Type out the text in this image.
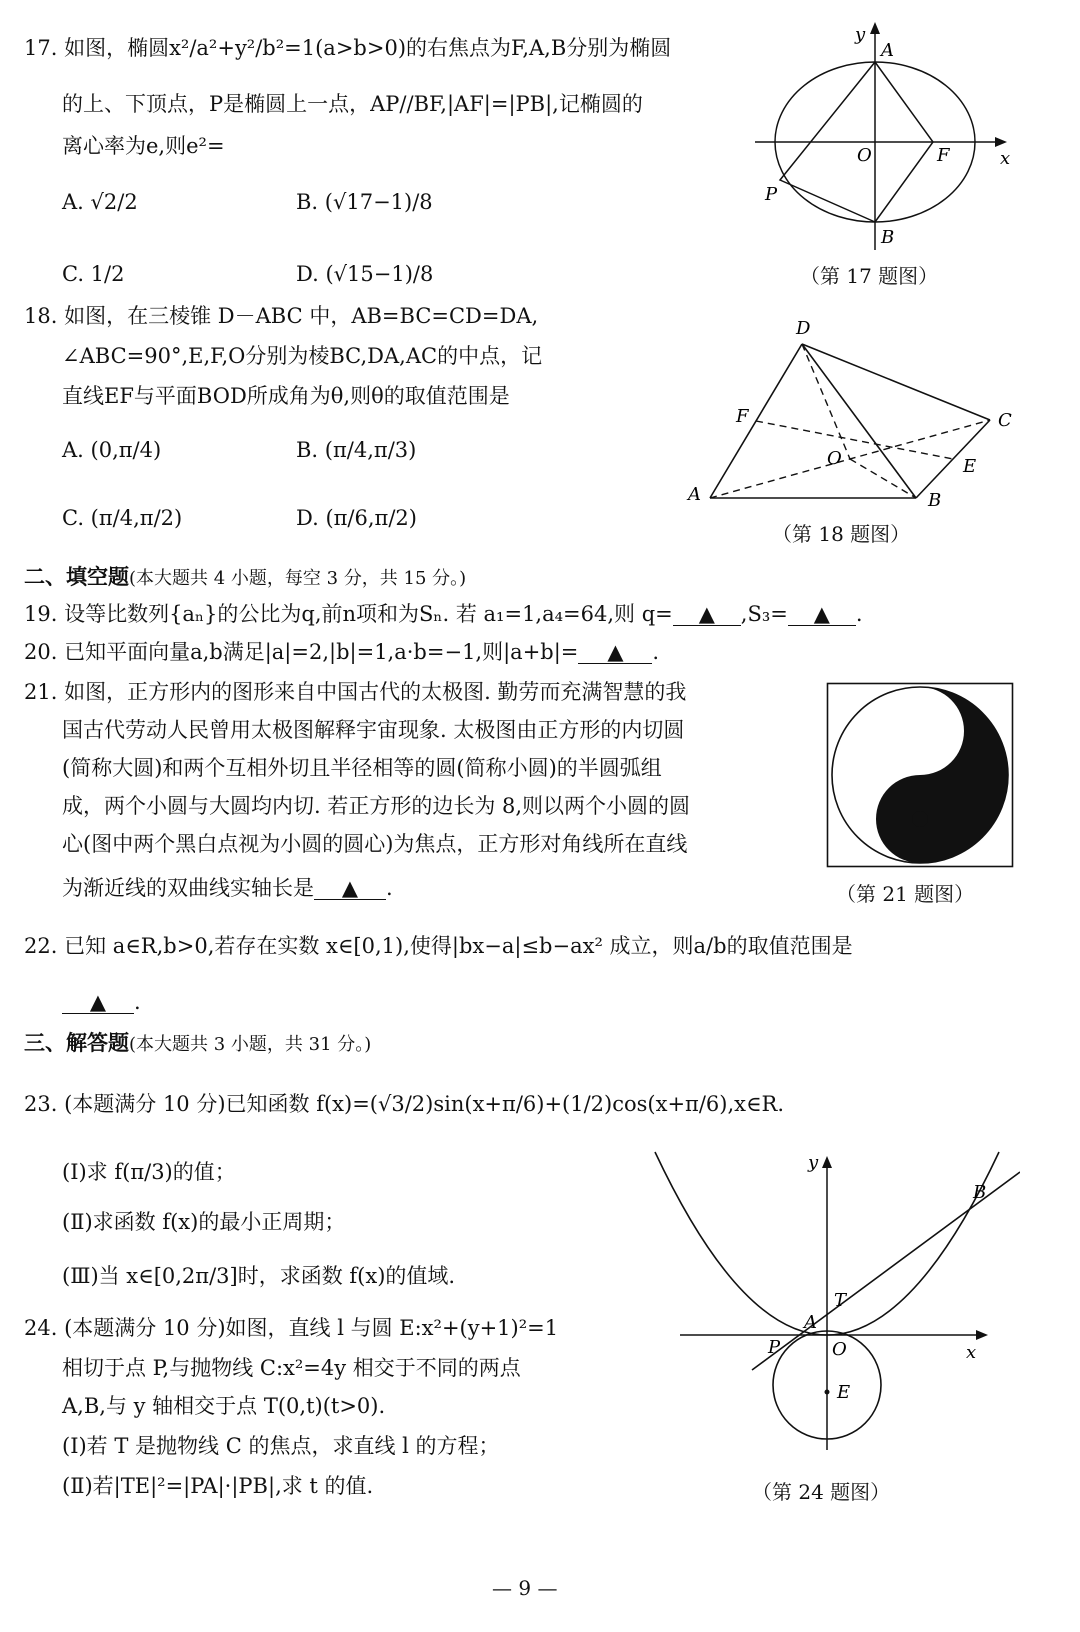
17. 如图，椭圆x²/a²+y²/b²=1(a>b>0)的右焦点为F,A,B分别为椭圆
的上、下顶点，P是椭圆上一点，AP//BF,|AF|=|PB|,记椭圆的
离心率为e,则e²=
A. √2/2	B. (√17−1)/8
C. 1/2	D. (√15−1)/8
y
A
O	F	x
P
B
（第 17 题图）
18. 如图，在三棱锥 D－ABC 中，AB=BC=CD=DA,
∠ABC=90°,E,F,O分别为棱BC,DA,AC的中点，记
直线EF与平面BOD所成角为θ,则θ的取值范围是
A. (0,π/4)	B. (π/4,π/3)
C. (π/4,π/2)	D. (π/6,π/2)
D
F
O
C
E
A	B
（第 18 题图）
二、填空题(本大题共 4 小题，每空 3 分，共 15 分。)
19. 设等比数列{aₙ}的公比为q,前n项和为Sₙ. 若 a₁=1,a₄=64,则 q= ▲ ,S₃= ▲ .
20. 已知平面向量a,b满足|a|=2,|b|=1,a·b=−1,则|a+b|= ▲ .
21. 如图，正方形内的图形来自中国古代的太极图. 勤劳而充满智慧的我
国古代劳动人民曾用太极图解释宇宙现象. 太极图由正方形的内切圆
(简称大圆)和两个互相外切且半径相等的圆(简称小圆)的半圆弧组
成，两个小圆与大圆均内切. 若正方形的边长为 8,则以两个小圆的圆
心(图中两个黑白点视为小圆的圆心)为焦点，正方形对角线所在直线
为渐近线的双曲线实轴长是 ▲ .	（第 21 题图）
22. 已知 a∈R,b>0,若存在实数 x∈[0,1),使得|bx−a|≤b−ax² 成立，则a/b的取值范围是
▲ .
三、解答题(本大题共 3 小题，共 31 分。)
23. (本题满分 10 分)已知函数 f(x)=(√3/2)sin(x+π/6)+(1/2)cos(x+π/6),x∈R.
(Ⅰ)求 f(π/3)的值；
(Ⅱ)求函数 f(x)的最小正周期；
(Ⅲ)当 x∈[0,2π/3]时，求函数 f(x)的值域.
24. (本题满分 10 分)如图，直线 l 与圆 E:x²+(y+1)²=1
相切于点 P,与抛物线 C:x²=4y 相交于不同的两点
A,B,与 y 轴相交于点 T(0,t)(t>0).
(Ⅰ)若 T 是抛物线 C 的焦点，求直线 l 的方程；
(Ⅱ)若|TE|²=|PA|·|PB|,求 t 的值.
y
B
T
A
O	x
P
E
（第 24 题图）
— 9 —
